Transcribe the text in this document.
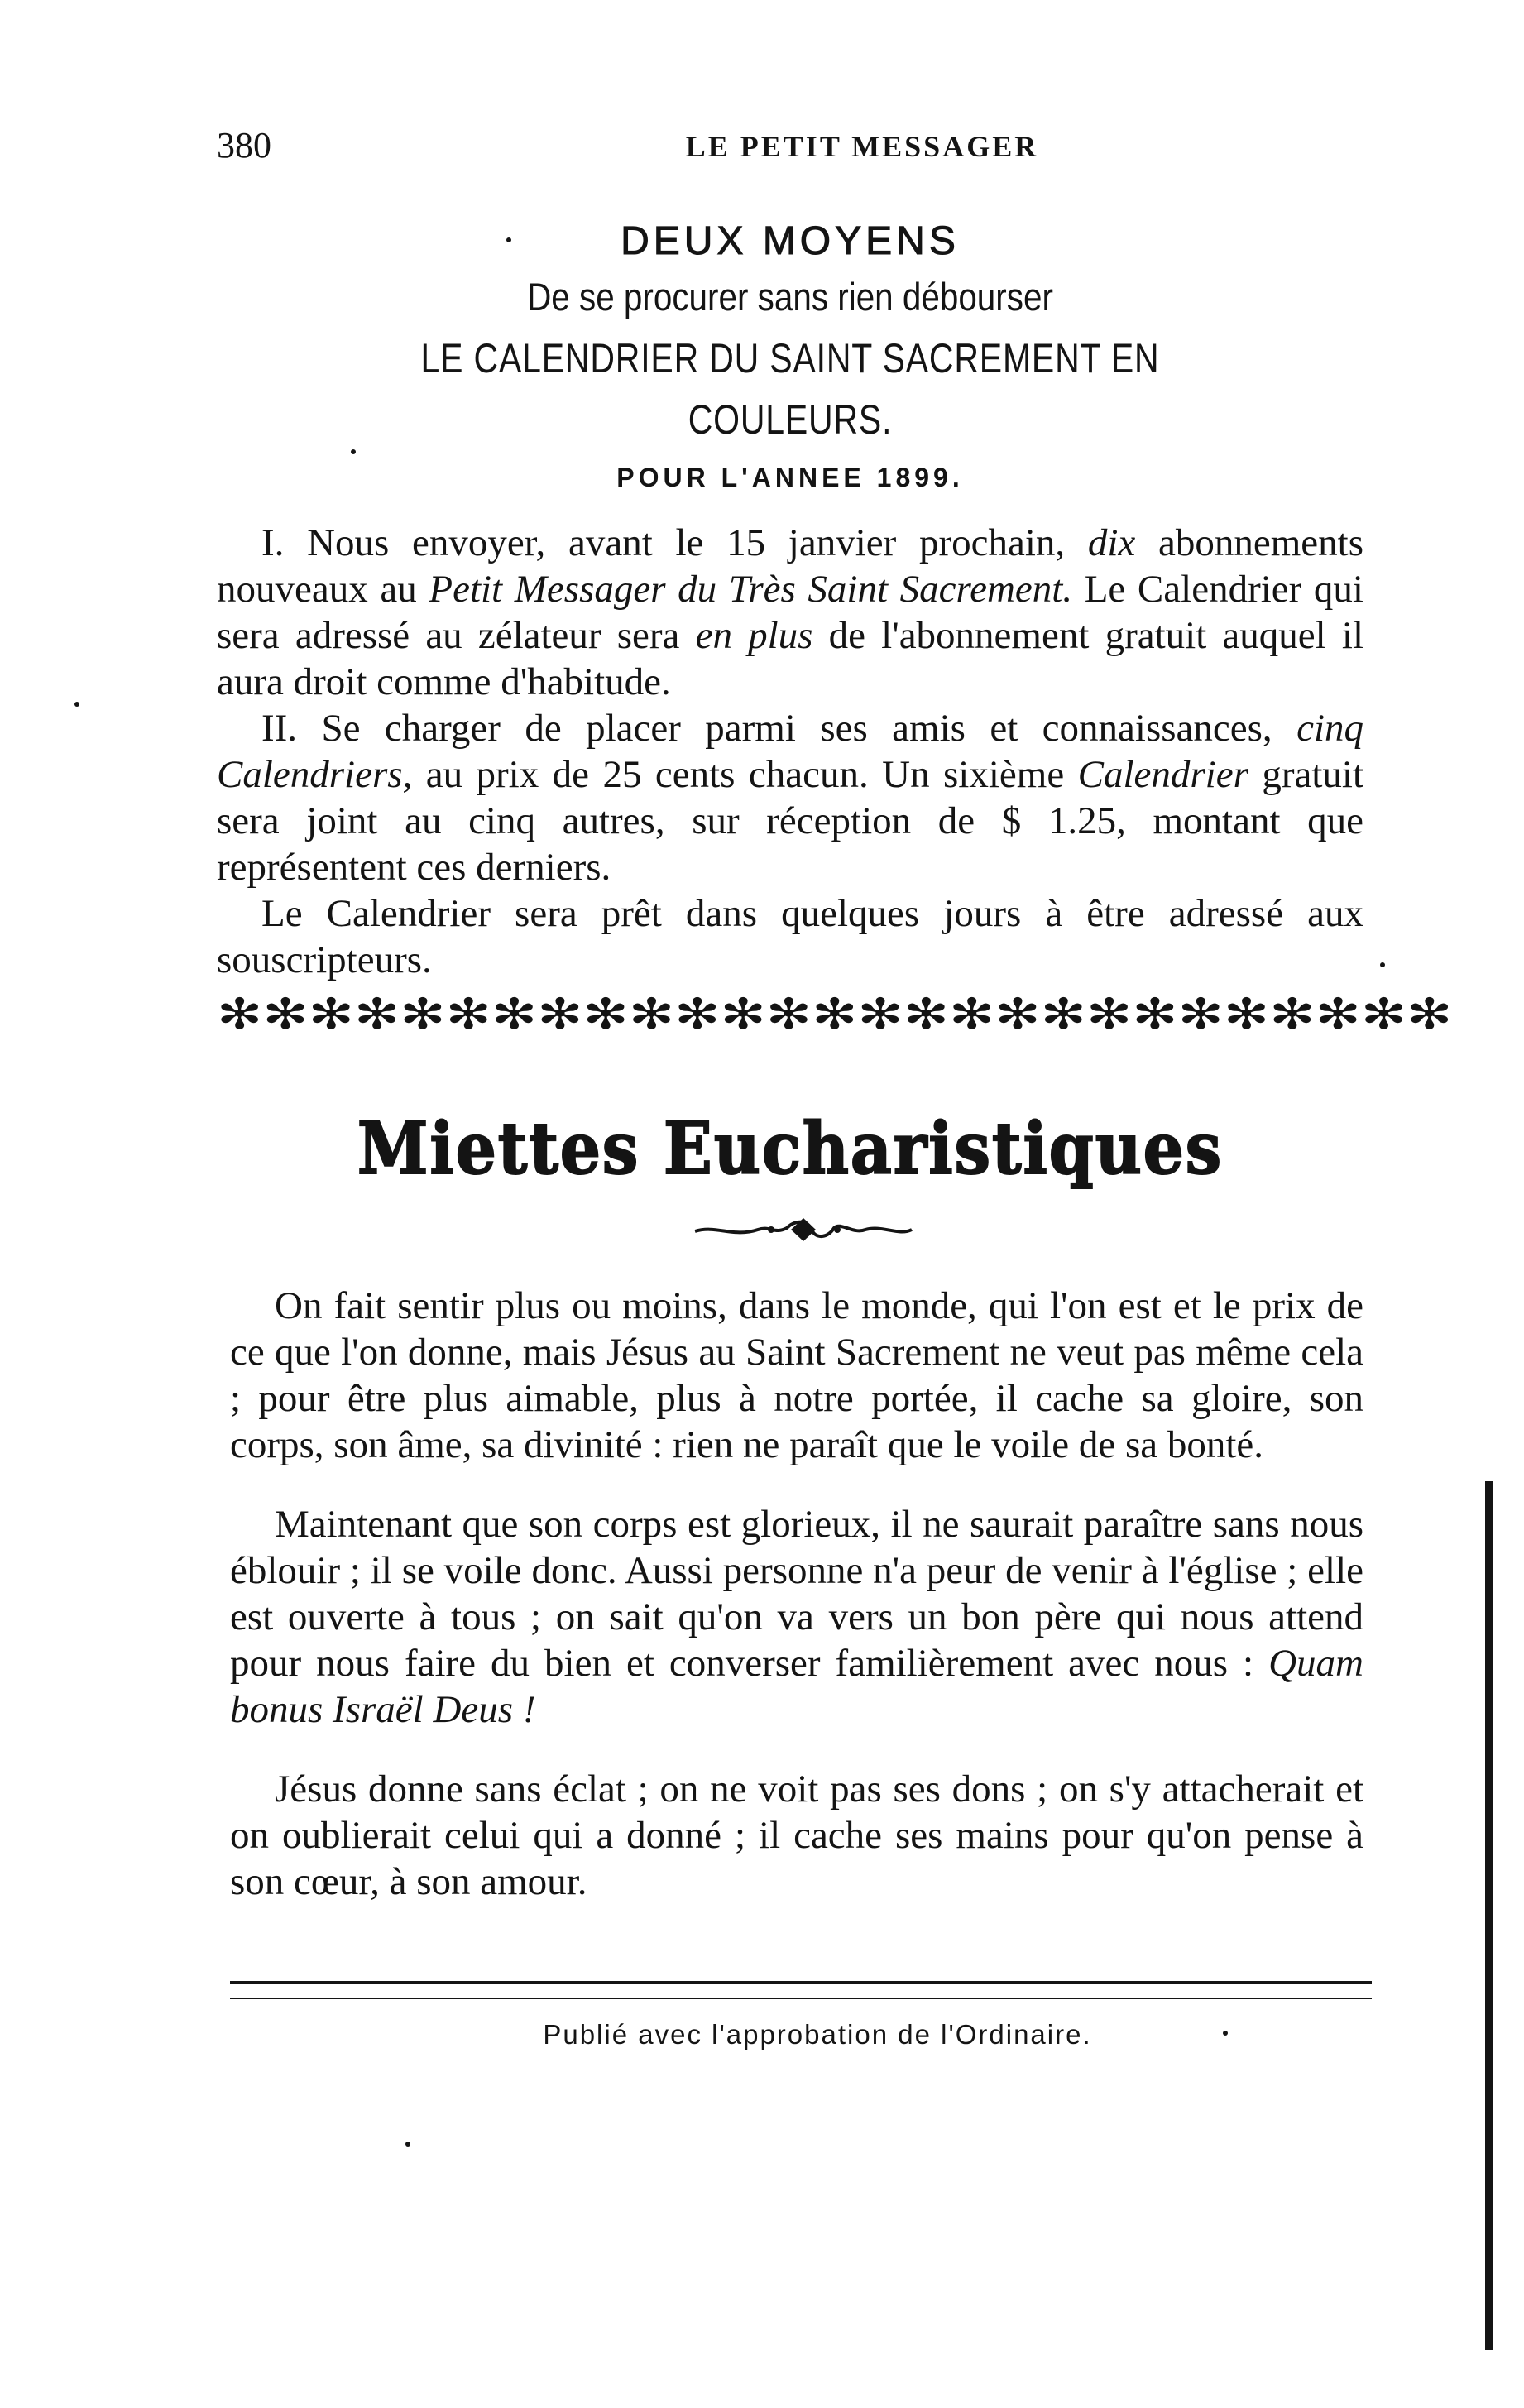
380	LE PETIT MESSAGER
DEUX MOYENS

De se procurer sans rien débourser

LE CALENDRIER DU SAINT SACREMENT EN COULEURS.

POUR L'ANNEE 1899.

I. Nous envoyer, avant le 15 janvier prochain, dix abonnements nouveaux au Petit Messager du Très Saint Sacrement. Le Calendrier qui sera adressé au zélateur sera en plus de l'abonnement gratuit auquel il aura droit comme d'habitude.

II. Se charger de placer parmi ses amis et connaissances, cinq Calendriers, au prix de 25 cents chacun. Un sixième Calendrier gratuit sera joint au cinq autres, sur réception de $ 1.25, montant que représentent ces derniers.

Le Calendrier sera prêt dans quelques jours à être adressé aux souscripteurs.

✻ ✻ ✻ ✻ ✻ ✻ ✻ ✻ ✻ ✻ ✻ ✻ ✻ ✻ ✻ ✻ ✻ ✻ ✻ ✻ ✻ ✻ ✻ ✻ ✻ ✻ ✻
Miettes Eucharistiques

On fait sentir plus ou moins, dans le monde, qui l'on est et le prix de ce que l'on donne, mais Jésus au Saint Sacrement ne veut pas même cela ; pour être plus aimable, plus à notre portée, il cache sa gloire, son corps, son âme, sa divinité : rien ne paraît que le voile de sa bonté.

Maintenant que son corps est glorieux, il ne saurait paraître sans nous éblouir ; il se voile donc. Aussi personne n'a peur de venir à l'église ; elle est ouverte à tous ; on sait qu'on va vers un bon père qui nous attend pour nous faire du bien et converser familièrement avec nous : Quam bonus Israël Deus !

Jésus donne sans éclat ; on ne voit pas ses dons ; on s'y attacherait et on oublierait celui qui a donné ; il cache ses mains pour qu'on pense à son cœur, à son amour.

Publié avec l'approbation de l'Ordinaire.
